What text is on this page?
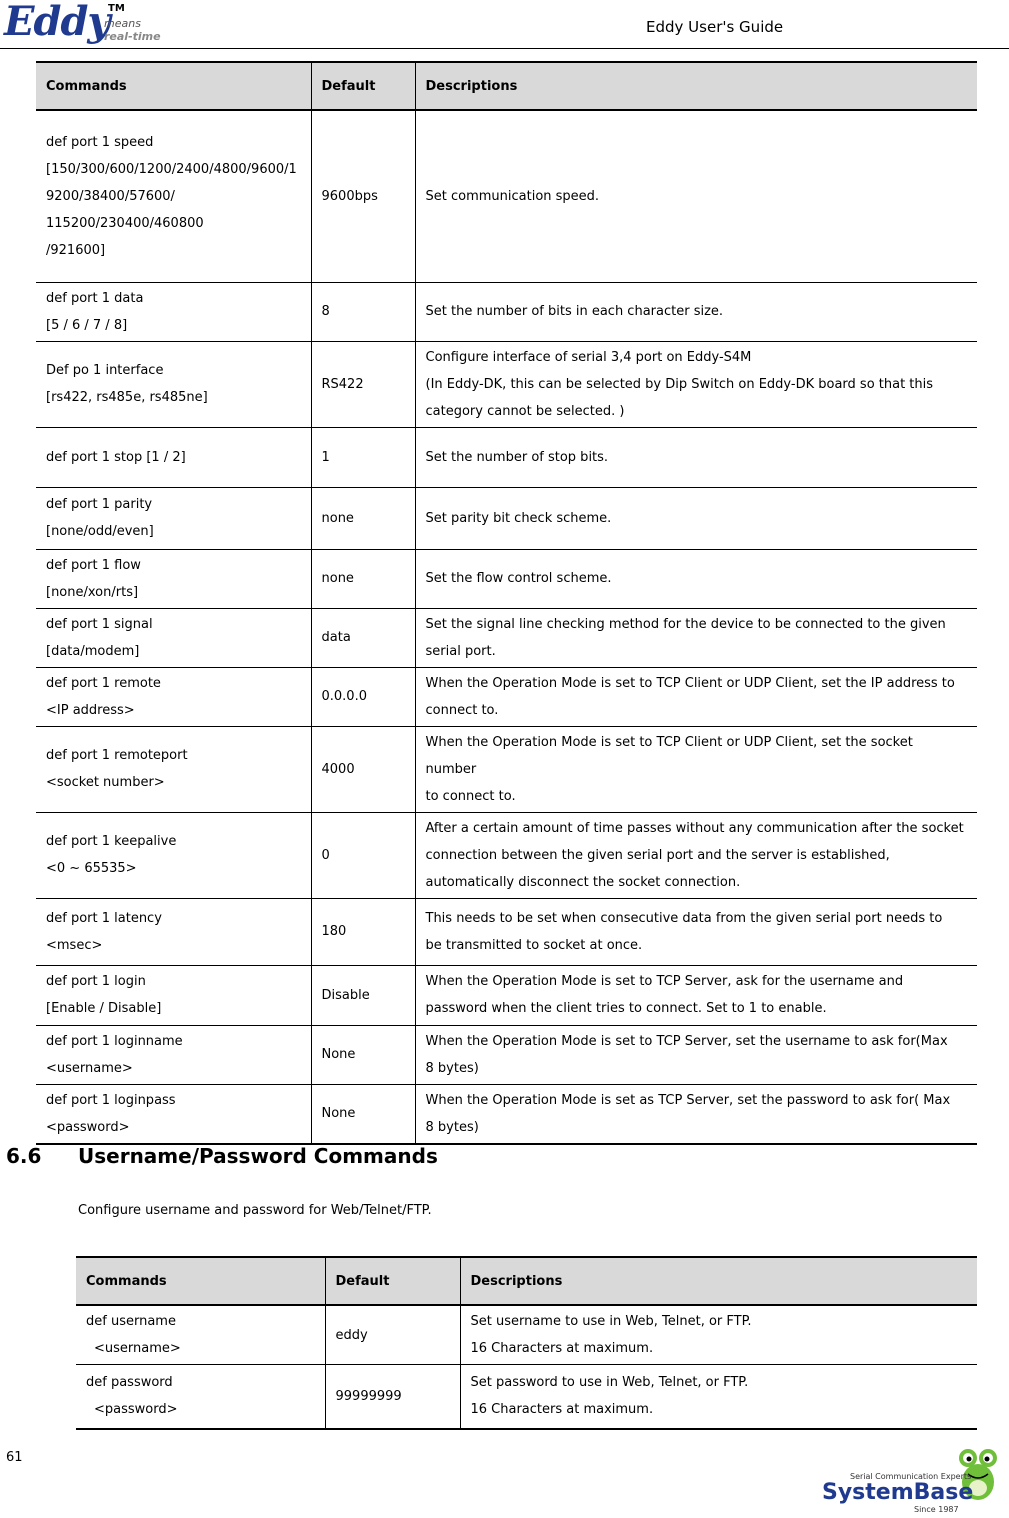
Eddy
TM
means
real-time
Eddy User's Guide
Commands	Default	Descriptions

def port 1 speed
[150/300/600/1200/2400/4800/9600/1
9200/38400/57600/
115200/230400/460800
/921600]	9600bps	Set communication speed.

def port 1 data
[5 / 6 / 7 / 8]	8	Set the number of bits in each character size.

Def po 1 interface
[rs422, rs485e, rs485ne]	RS422	Configure interface of serial 3,4 port on Eddy-S4M
(In Eddy-DK, this can be selected by Dip Switch on Eddy-DK board so that this
category cannot be selected. )

def port 1 stop [1 / 2]	1	Set the number of stop bits.

def port 1 parity
[none/odd/even]	none	Set parity bit check scheme.

def port 1 flow
[none/xon/rts]	none	Set the flow control scheme.

def port 1 signal
[data/modem]	data	Set the signal line checking method for the device to be connected to the given
serial port.

def port 1 remote
<IP address>	0.0.0.0	When the Operation Mode is set to TCP Client or UDP Client, set the IP address to
connect to.

def port 1 remoteport
<socket number>	4000	When the Operation Mode is set to TCP Client or UDP Client, set the socket number
to connect to.

def port 1 keepalive
<0 ~ 65535>	0	After a certain amount of time passes without any communication after the socket
connection between the given serial port and the server is established,
automatically disconnect the socket connection.

def port 1 latency
<msec>	180	This needs to be set when consecutive data from the given serial port needs to
be transmitted to socket at once.

def port 1 login
[Enable / Disable]	Disable	When the Operation Mode is set to TCP Server, ask for the username and
password when the client tries to connect. Set to 1 to enable.

def port 1 loginname
<username>	None	When the Operation Mode is set to TCP Server, set the username to ask for(Max
8 bytes)

def port 1 loginpass
<password>	None	When the Operation Mode is set as TCP Server, set the password to ask for( Max
8 bytes)
6.6 Username/Password Commands
Configure username and password for Web/Telnet/FTP.
Commands	Default	Descriptions

def username
<username>	eddy	Set username to use in Web, Telnet, or FTP.
16 Characters at maximum.

def password
<password>	99999999	Set password to use in Web, Telnet, or FTP.
16 Characters at maximum.
61
Serial Communication Experts
SystemBase
Since 1987
